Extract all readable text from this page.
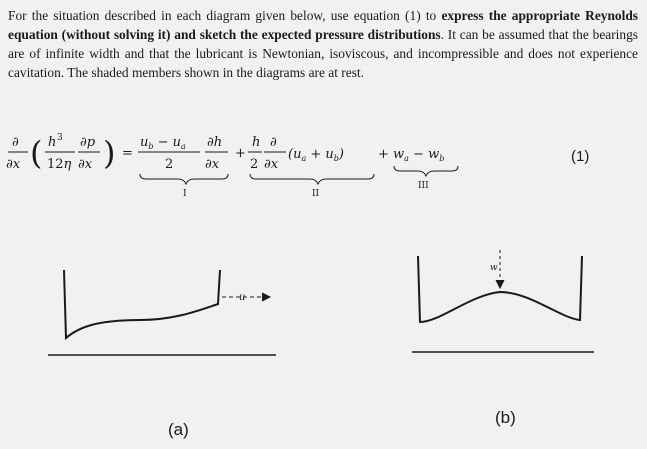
For the situation described in each diagram given below, use equation (1) to express the appropriate Reynolds equation (without solving it) and sketch the expected pressure distributions. It can be assumed that the bearings are of infinite width and that the lubricant is Newtonian, isoviscous, and incompressible and does not experience cavitation. The shaded members shown in the diagrams are at rest.
∂
∂x ( h 3
12η
∂p
∂x ) =
$u_b - u_a$
2
∂h
∂x
I
+
h
2
∂
∂x
$(u_a + u_b)$
II
+ $w_a - w_b$
III
(1)
u
w
(a)
(b)
